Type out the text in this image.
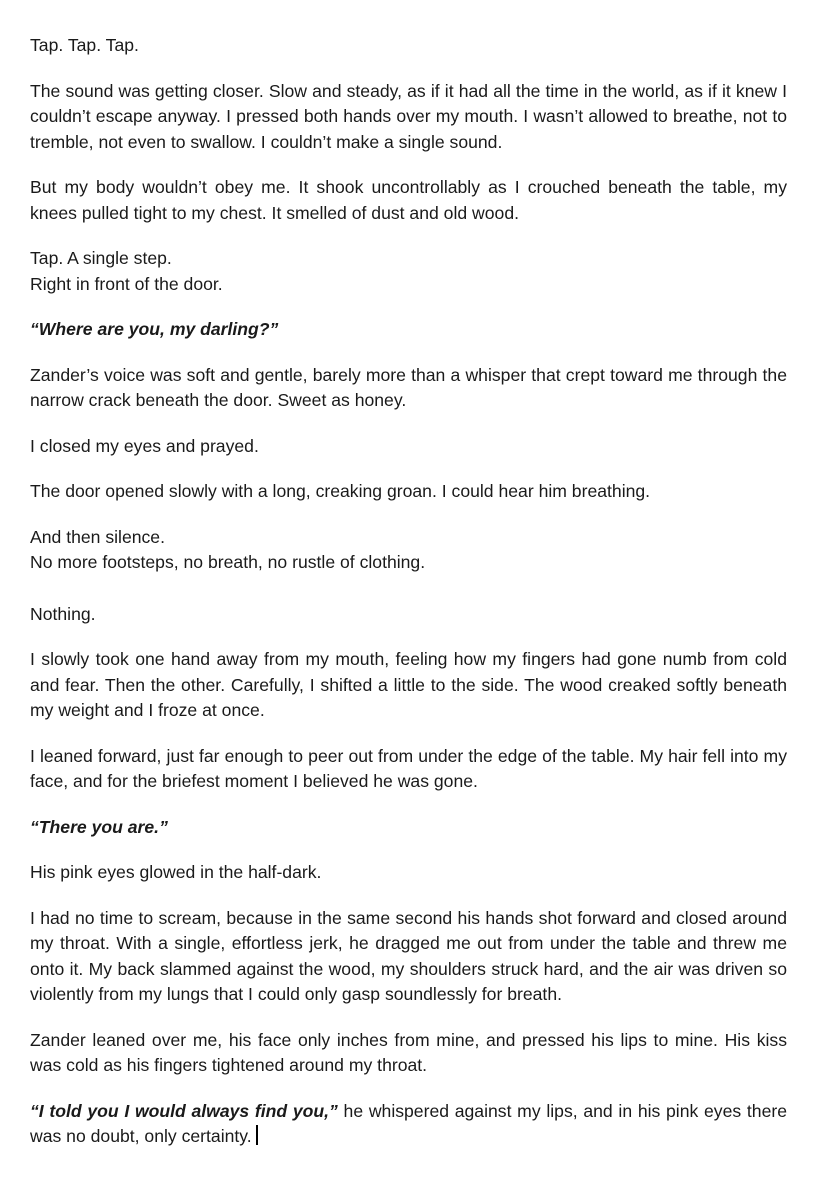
Tap. Tap. Tap.

The sound was getting closer. Slow and steady, as if it had all the time in the world, as if it knew I couldn’t escape anyway. I pressed both hands over my mouth. I wasn’t allowed to breathe, not to tremble, not even to swallow. I couldn’t make a single sound.

But my body wouldn’t obey me. It shook uncontrollably as I crouched beneath the table, my knees pulled tight to my chest. It smelled of dust and old wood.

Tap. A single step.
Right in front of the door.

“Where are you, my darling?”

Zander’s voice was soft and gentle, barely more than a whisper that crept toward me through the narrow crack beneath the door. Sweet as honey.

I closed my eyes and prayed.

The door opened slowly with a long, creaking groan. I could hear him breathing.

And then silence.
No more footsteps, no breath, no rustle of clothing.

Nothing.

I slowly took one hand away from my mouth, feeling how my fingers had gone numb from cold and fear. Then the other. Carefully, I shifted a little to the side. The wood creaked softly beneath my weight and I froze at once.

I leaned forward, just far enough to peer out from under the edge of the table. My hair fell into my face, and for the briefest moment I believed he was gone.

“There you are.”

His pink eyes glowed in the half-dark.

I had no time to scream, because in the same second his hands shot forward and closed around my throat. With a single, effortless jerk, he dragged me out from under the table and threw me onto it. My back slammed against the wood, my shoulders struck hard, and the air was driven so violently from my lungs that I could only gasp soundlessly for breath.

Zander leaned over me, his face only inches from mine, and pressed his lips to mine. His kiss was cold as his fingers tightened around my throat.

“I told you I would always find you,” he whispered against my lips, and in his pink eyes there was no doubt, only certainty.
